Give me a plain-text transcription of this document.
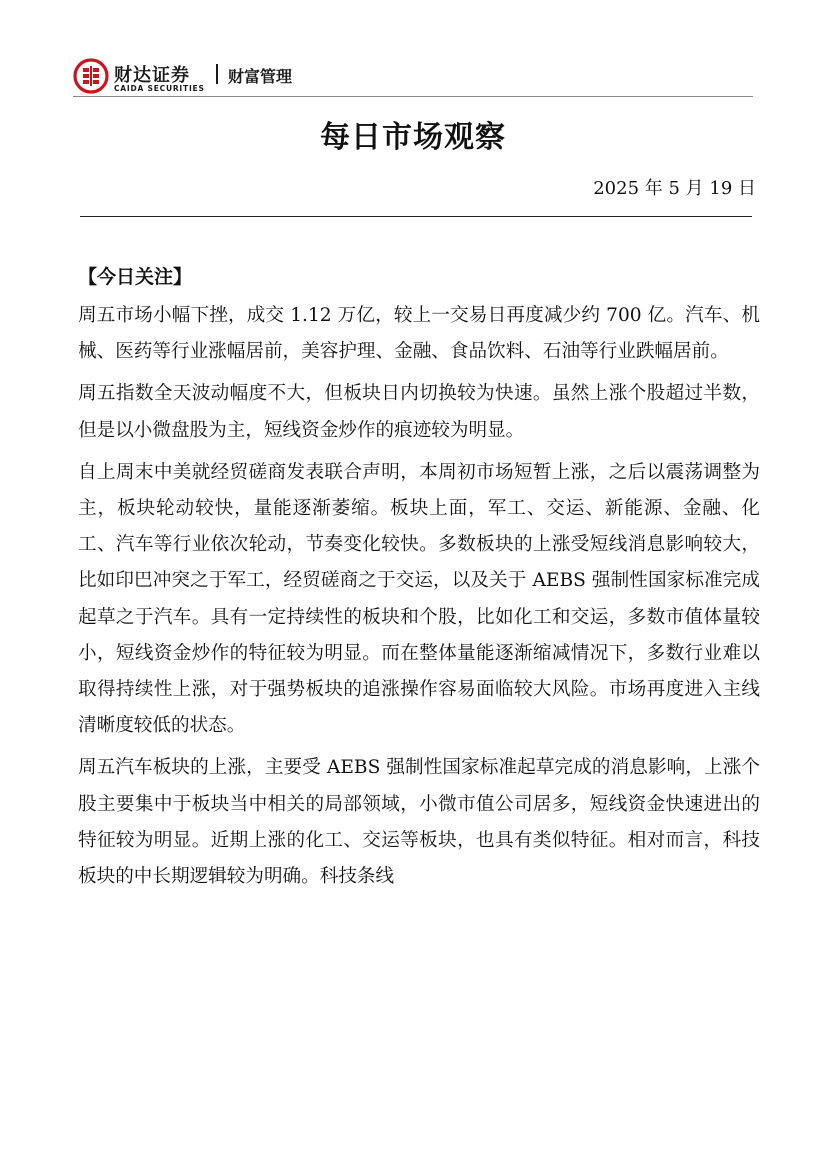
财达证券
CAIDA SECURITIES
财富管理
每日市场观察
2025 年 5 月 19 日
【今日关注】

周五市场小幅下挫，成交 1.12 万亿，较上一交易日再度减少约 700 亿。汽车、机械、医药等行业涨幅居前，美容护理、金融、食品饮料、石油等行业跌幅居前。

周五指数全天波动幅度不大，但板块日内切换较为快速。虽然上涨个股超过半数，但是以小微盘股为主，短线资金炒作的痕迹较为明显。

自上周末中美就经贸磋商发表联合声明，本周初市场短暂上涨，之后以震荡调整为主，板块轮动较快，量能逐渐萎缩。板块上面，军工、交运、新能源、金融、化工、汽车等行业依次轮动，节奏变化较快。多数板块的上涨受短线消息影响较大，比如印巴冲突之于军工，经贸磋商之于交运，以及关于 AEBS 强制性国家标准完成起草之于汽车。具有一定持续性的板块和个股，比如化工和交运，多数市值体量较小，短线资金炒作的特征较为明显。而在整体量能逐渐缩减情况下，多数行业难以取得持续性上涨，对于强势板块的追涨操作容易面临较大风险。市场再度进入主线清晰度较低的状态。

周五汽车板块的上涨，主要受 AEBS 强制性国家标准起草完成的消息影响，上涨个股主要集中于板块当中相关的局部领域，小微市值公司居多，短线资金快速进出的特征较为明显。近期上涨的化工、交运等板块，也具有类似特征。相对而言，科技板块的中长期逻辑较为明确。科技条线
